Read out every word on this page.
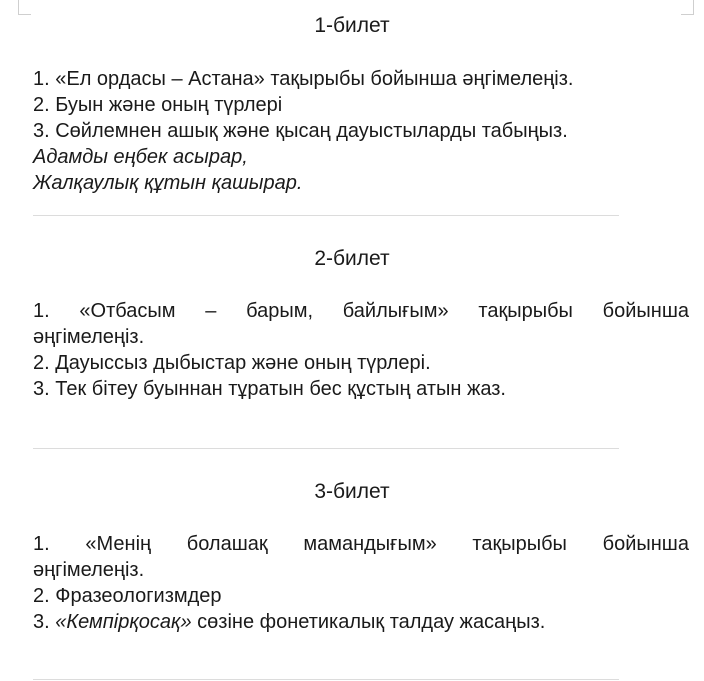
1-билет
1. «Ел ордасы – Астана» тақырыбы бойынша әңгімелеңіз.
2. Буын және оның түрлері
3. Сөйлемнен ашық және қысаң дауыстыларды табыңыз.
Адамды еңбек асырар,
Жалқаулық құтын қашырар.
2-билет
1. «Отбасым – барым, байлығым» тақырыбы бойынша
әңгімелеңіз.
2. Дауыссыз дыбыстар және оның түрлері.
3. Тек бітеу буыннан тұратын бес құстың атын жаз.
3-билет
1. «Менің болашақ мамандығым» тақырыбы бойынша
әңгімелеңіз.
2. Фразеологизмдер
3. «Кемпірқосақ» сөзіне фонетикалық талдау жасаңыз.
